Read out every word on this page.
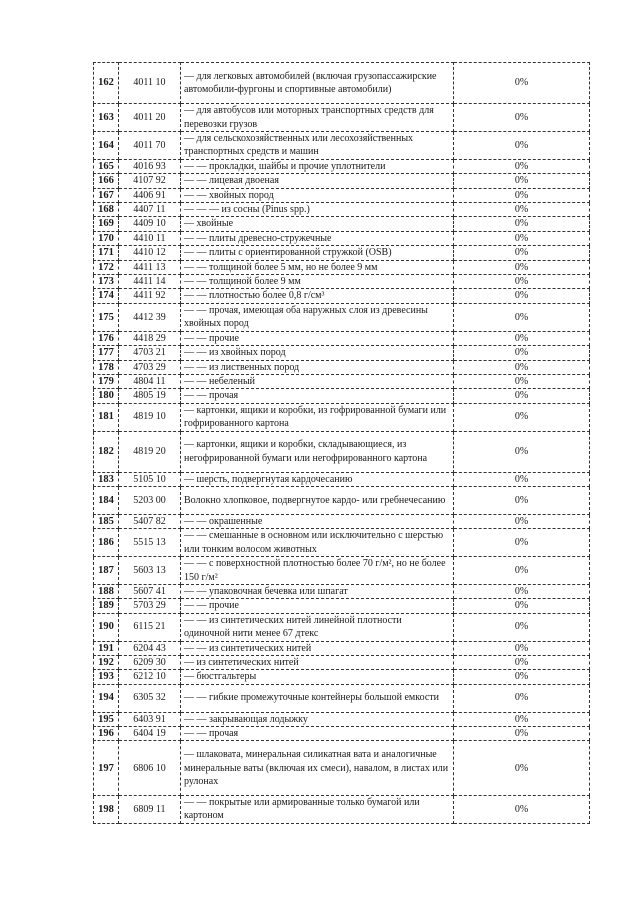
162	4011 10	— для легковых автомобилей (включая грузопассажирские автомобили-фургоны и спортивные автомобили)	0%
163	4011 20	— для автобусов или моторных транспортных средств для перевозки грузов	0%
164	4011 70	— для сельскохозяйственных или лесохозяйственных транспортных средств и машин	0%
165	4016 93	— — прокладки, шайбы и прочие уплотнители	0%
166	4107 92	— — лицевая двоеная	0%
167	4406 91	— — хвойных пород	0%
168	4407 11	— — — из сосны (Pinus spp.)	0%
169	4409 10	— хвойные	0%
170	4410 11	— — плиты древесно-стружечные	0%
171	4410 12	— — плиты с ориентированной стружкой (OSB)	0%
172	4411 13	— — толщиной более 5 мм, но не более 9 мм	0%
173	4411 14	— — толщиной более 9 мм	0%
174	4411 92	— — плотностью более 0,8 г/см³	0%
175	4412 39	— — прочая, имеющая оба наружных слоя из древесины хвойных пород	0%
176	4418 29	— — прочие	0%
177	4703 21	— — из хвойных пород	0%
178	4703 29	— — из лиственных пород	0%
179	4804 11	— — небеленый	0%
180	4805 19	— — прочая	0%
181	4819 10	— картонки, ящики и коробки, из гофрированной бумаги или гофрированного картона	0%
182	4819 20	— картонки, ящики и коробки, складывающиеся, из негофрированной бумаги или негофрированного картона	0%
183	5105 10	— шерсть, подвергнутая кардочесанию	0%
184	5203 00	Волокно хлопковое, подвергнутое кардо- или гребнечесанию	0%
185	5407 82	— — окрашенные	0%
186	5515 13	— — смешанные в основном или исключительно с шерстью или тонким волосом животных	0%
187	5603 13	— — с поверхностной плотностью более 70 г/м², но не более 150 г/м²	0%
188	5607 41	— — упаковочная бечевка или шпагат	0%
189	5703 29	— — прочие	0%
190	6115 21	— — из синтетических нитей линейной плотности одиночной нити менее 67 дтекс	0%
191	6204 43	— — из синтетических нитей	0%
192	6209 30	— из синтетических нитей	0%
193	6212 10	— бюстгальтеры	0%
194	6305 32	— — гибкие промежуточные контейнеры большой емкости	0%
195	6403 91	— — закрывающая лодыжку	0%
196	6404 19	— — прочая	0%
197	6806 10	— шлаковата, минеральная силикатная вата и аналогичные минеральные ваты (включая их смеси), навалом, в листах или рулонах	0%
198	6809 11	— — покрытые или армированные только бумагой или картоном	0%
